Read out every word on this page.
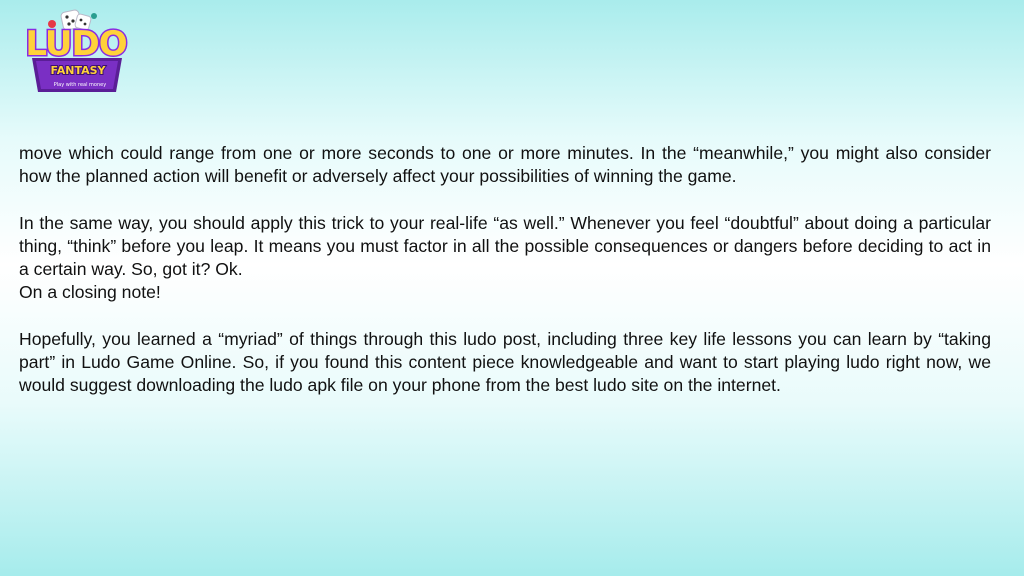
LUDO
FANTASY
Play with real money

move which could range from one or more seconds to one or more minutes. In the “meanwhile,” you might also consider how the planned action will benefit or adversely affect your possibilities of winning the game.

In the same way, you should apply this trick to your real-life “as well.” Whenever you feel “doubtful” about doing a particular thing, “think” before you leap. It means you must factor in all the possible consequences or dangers before deciding to act in a certain way. So, got it? Ok.

On a closing note!

Hopefully, you learned a “myriad” of things through this ludo post, including three key life lessons you can learn by “taking part” in Ludo Game Online. So, if you found this content piece knowledgeable and want to start playing ludo right now, we would suggest downloading the ludo apk file on your phone from the best ludo site on the internet.
